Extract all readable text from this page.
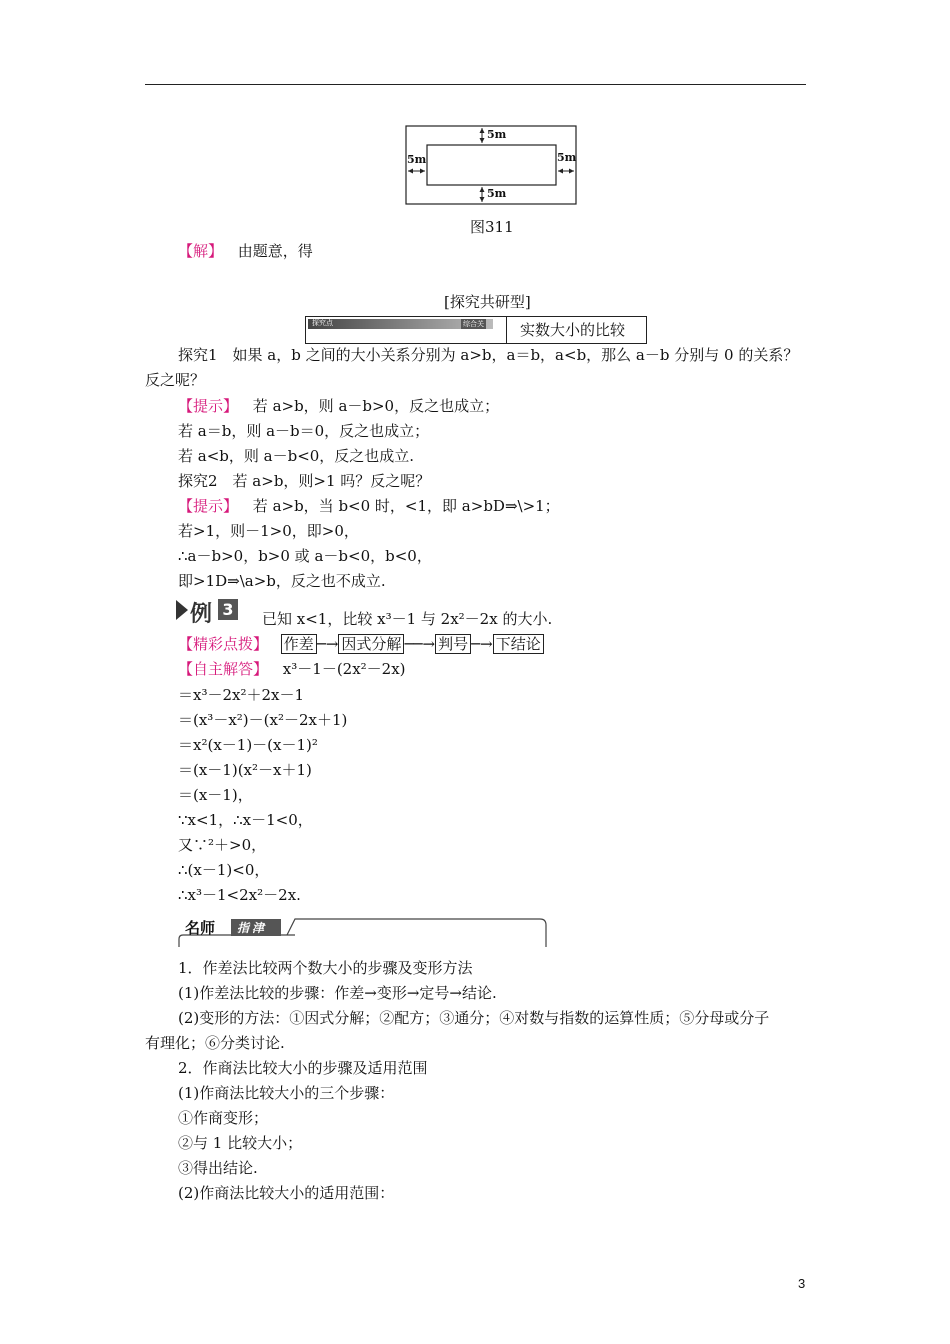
5m
5m
5m	5m
图311
【解】 由题意，得
[探究共研型]
探究点	综合关 实数大小的比较
探究1　如果 a，b 之间的大小关系分别为 a>b，a＝b，a<b，那么 a－b 分别与 0 的关系？
反之呢？
【提示】 若 a>b，则 a－b>0，反之也成立；
若 a＝b，则 a－b＝0，反之也成立；
若 a<b，则 a－b<0，反之也成立.
探究2　若 a>b，则>1 吗？反之呢？
【提示】 若 a>b，当 b<0 时，<1，即 a>bD⇒\>1；
若>1，则－1>0，即>0，
∴a－b>0，b>0 或 a－b<0，b<0，
即>1D⇒\a>b，反之也不成立.
例 3 已知 x<1，比较 x³－1 与 2x²－2x 的大小.
【精彩点拨】 作差 ─→ 因式分解 ──→ 判号 ─→ 下结论
【自主解答】 x³－1－(2x²－2x)
＝x³－2x²＋2x－1
＝(x³－x²)－(x²－2x＋1)
＝x²(x－1)－(x－1)²
＝(x－1)(x²－x＋1)
＝(x－1)，
∵x<1，∴x－1<0，
又∵²＋>0，
∴(x－1)<0，
∴x³－1<2x²－2x.
名师 指津
1．作差法比较两个数大小的步骤及变形方法
(1)作差法比较的步骤：作差→变形→定号→结论.
(2)变形的方法：①因式分解；②配方；③通分；④对数与指数的运算性质；⑤分母或分子
有理化；⑥分类讨论.
2．作商法比较大小的步骤及适用范围
(1)作商法比较大小的三个步骤：
①作商变形；
②与 1 比较大小；
③得出结论.
(2)作商法比较大小的适用范围：
3
